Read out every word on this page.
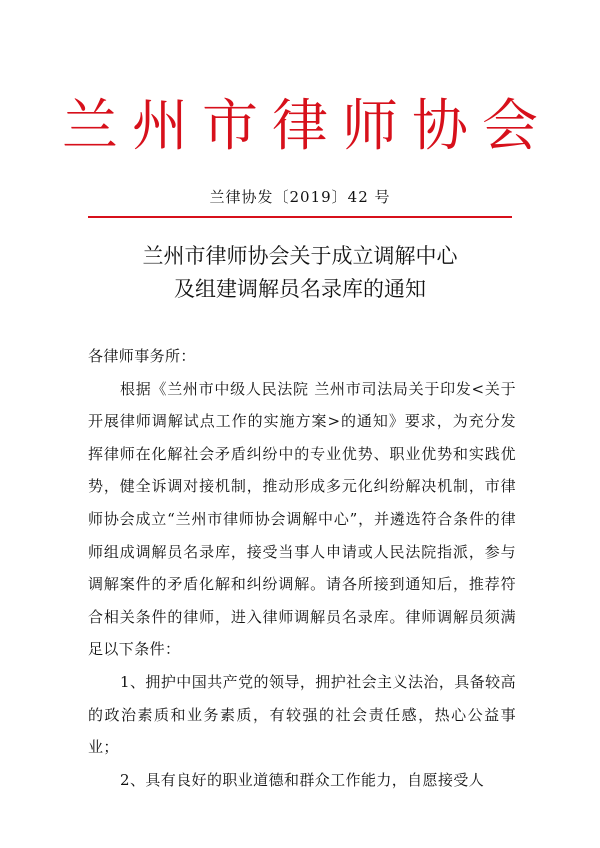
兰州市律师协会
兰律协发〔2019〕42 号
兰州市律师协会关于成立调解中心
及组建调解员名录库的通知

各律师事务所：

根据《兰州市中级人民法院 兰州市司法局关于印发<关于开展律师调解试点工作的实施方案>的通知》要求，为充分发挥律师在化解社会矛盾纠纷中的专业优势、职业优势和实践优势，健全诉调对接机制，推动形成多元化纠纷解决机制，市律师协会成立“兰州市律师协会调解中心”，并遴选符合条件的律师组成调解员名录库，接受当事人申请或人民法院指派，参与调解案件的矛盾化解和纠纷调解。请各所接到通知后，推荐符合相关条件的律师，进入律师调解员名录库。律师调解员须满足以下条件：

1、拥护中国共产党的领导，拥护社会主义法治，具备较高的政治素质和业务素质，有较强的社会责任感，热心公益事业；

2、具有良好的职业道德和群众工作能力，自愿接受人
